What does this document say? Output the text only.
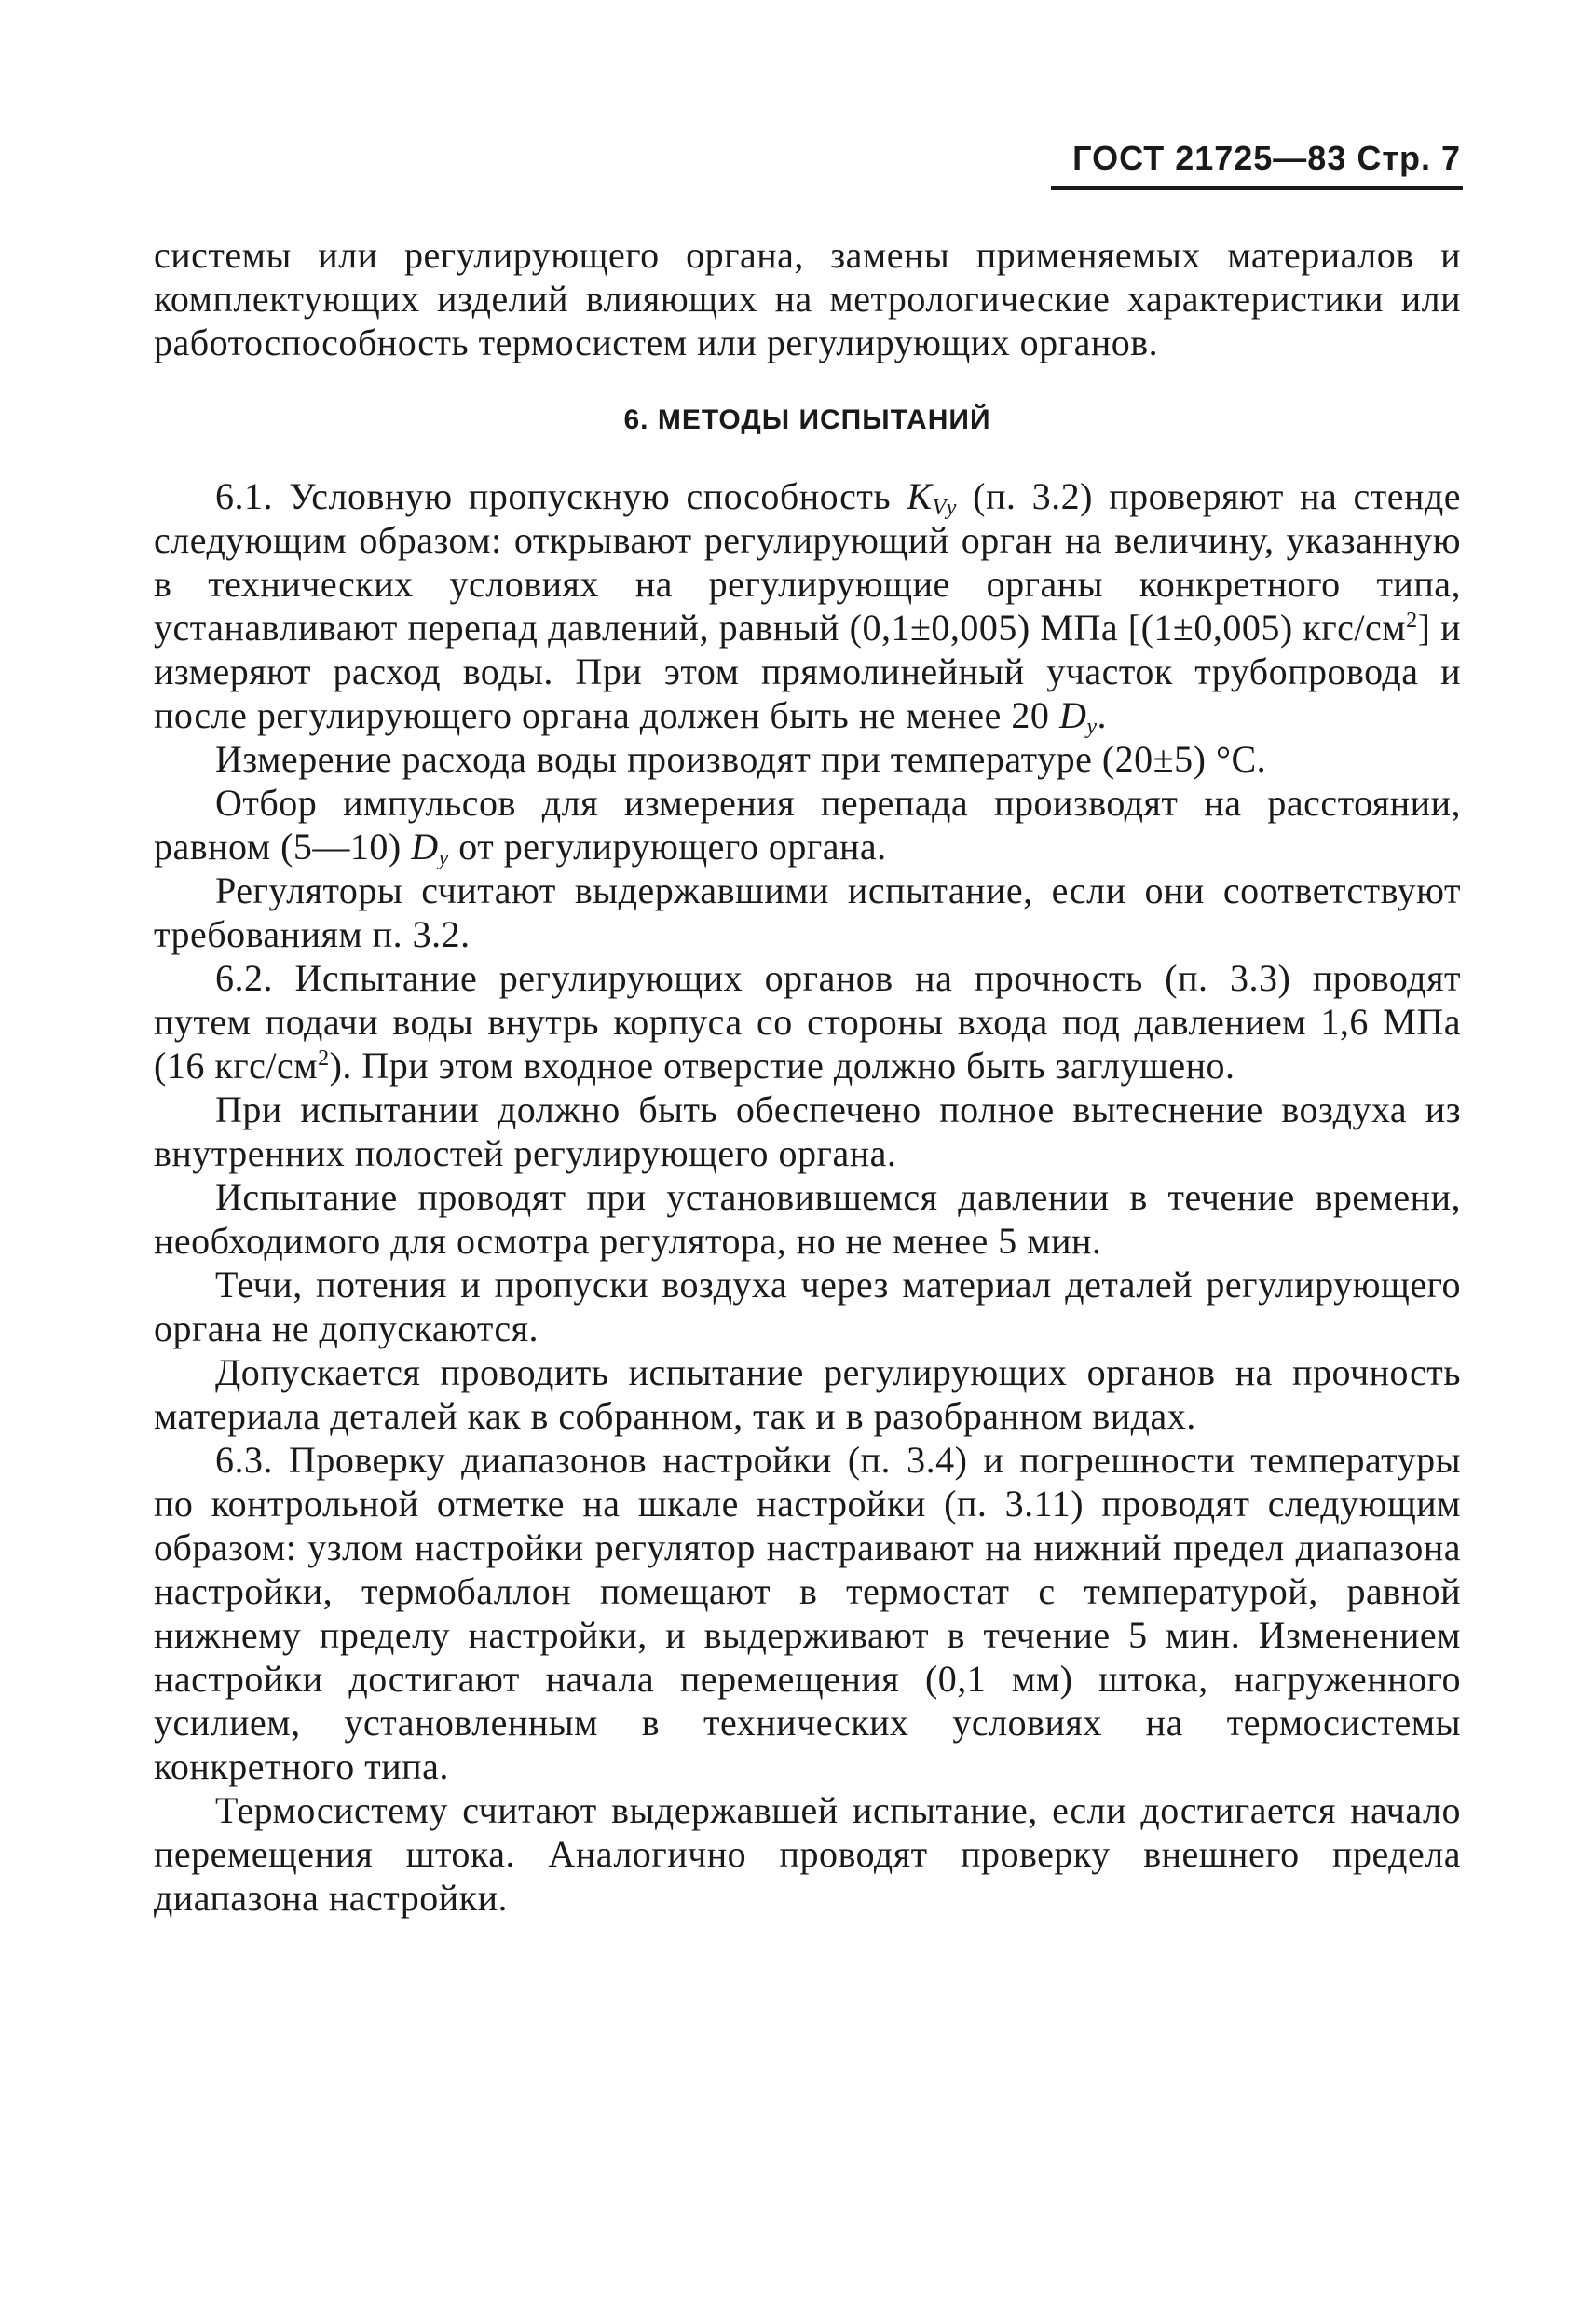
ГОСТ 21725—83 Стр. 7

системы или регулирующего органа, замены применяемых материалов и комплектующих изделий влияющих на метрологические характеристики или работоспособность термосистем или регулирующих органов.

6. МЕТОДЫ ИСПЫТАНИЙ

6.1. Условную пропускную способность $K_{Vу}$ (п. 3.2) проверяют на стенде следующим образом: открывают регулирующий орган на величину, указанную в технических условиях на регулирующие органы конкретного типа, устанавливают перепад давлений, равный (0,1±0,005) МПа [(1±0,005) кгс/$см^2$] и измеряют расход воды. При этом прямолинейный участок трубопровода и после регулирующего органа должен быть не менее 20 $D_у$.

Измерение расхода воды производят при температуре (20±5) °C.

Отбор импульсов для измерения перепада производят на расстоянии, равном (5—10) $D_у$ от регулирующего органа.

Регуляторы считают выдержавшими испытание, если они соответствуют требованиям п. 3.2.

6.2. Испытание регулирующих органов на прочность (п. 3.3) проводят путем подачи воды внутрь корпуса со стороны входа под давлением 1,6 МПа (16 кгс/$см^2$). При этом входное отверстие должно быть заглушено.

При испытании должно быть обеспечено полное вытеснение воздуха из внутренних полостей регулирующего органа.

Испытание проводят при установившемся давлении в течение времени, необходимого для осмотра регулятора, но не менее 5 мин.

Течи, потения и пропуски воздуха через материал деталей регулирующего органа не допускаются.

Допускается проводить испытание регулирующих органов на прочность материала деталей как в собранном, так и в разобранном видах.

6.3. Проверку диапазонов настройки (п. 3.4) и погрешности температуры по контрольной отметке на шкале настройки (п. 3.11) проводят следующим образом: узлом настройки регулятор настраивают на нижний предел диапазона настройки, термобаллон помещают в термостат с температурой, равной нижнему пределу настройки, и выдерживают в течение 5 мин. Изменением настройки достигают начала перемещения (0,1 мм) штока, нагруженного усилием, установленным в технических условиях на термосистемы конкретного типа.

Термосистему считают выдержавшей испытание, если достигается начало перемещения штока. Аналогично проводят проверку внешнего предела диапазона настройки.
